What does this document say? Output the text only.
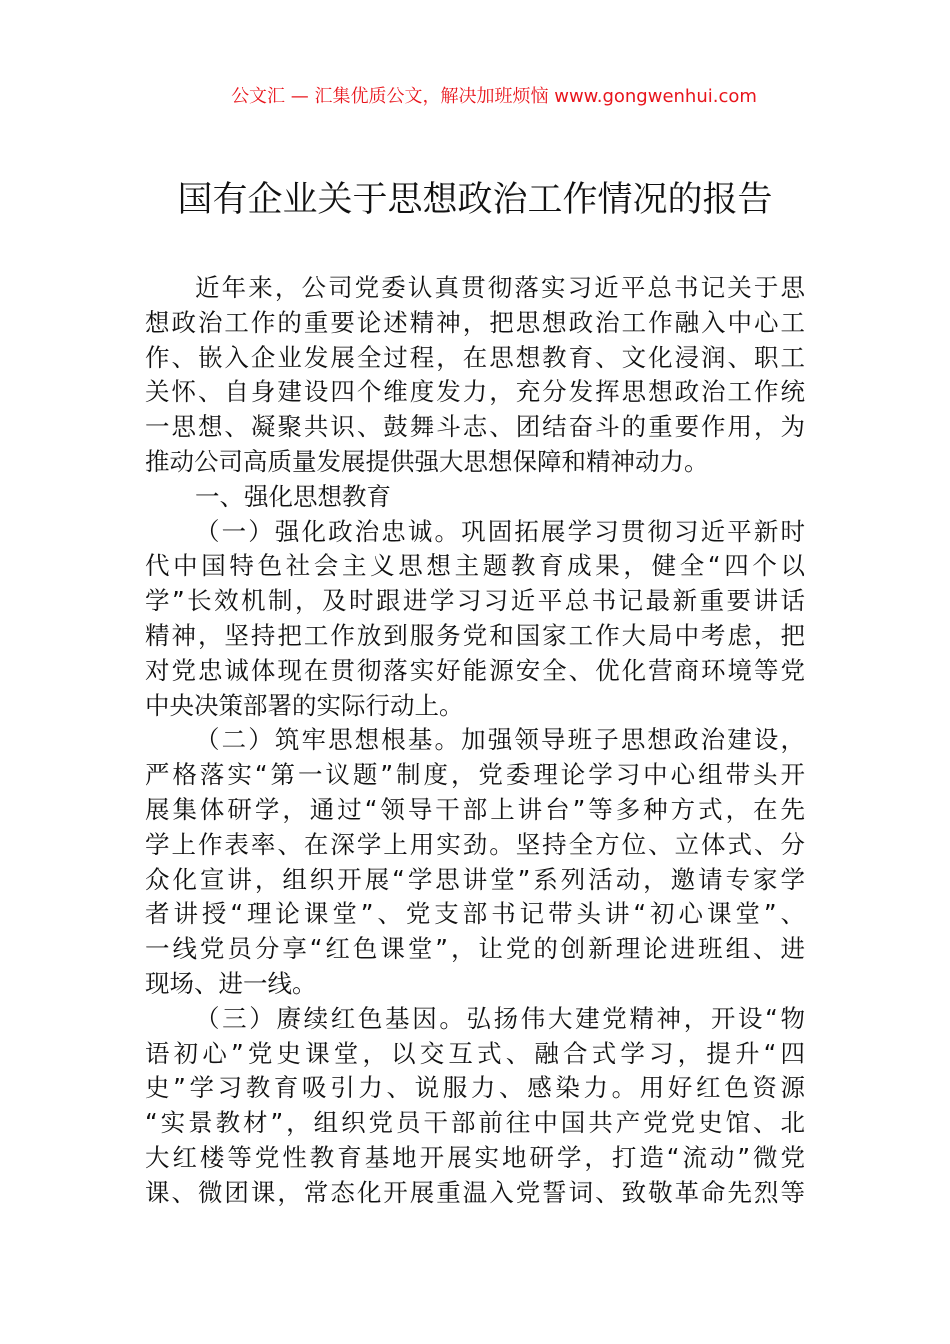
公文汇 — 汇集优质公文，解决加班烦恼 www.gongwenhui.com
国有企业关于思想政治工作情况的报告
近年来，公司党委认真贯彻落实习近平总书记关于思
想政治工作的重要论述精神，把思想政治工作融入中心工
作、嵌入企业发展全过程，在思想教育、文化浸润、职工
关怀、自身建设四个维度发力，充分发挥思想政治工作统
一思想、凝聚共识、鼓舞斗志、团结奋斗的重要作用，为
推动公司高质量发展提供强大思想保障和精神动力。
一、强化思想教育
（一）强化政治忠诚。巩固拓展学习贯彻习近平新时
代中国特色社会主义思想主题教育成果，健全“四个以
学”长效机制，及时跟进学习习近平总书记最新重要讲话
精神，坚持把工作放到服务党和国家工作大局中考虑，把
对党忠诚体现在贯彻落实好能源安全、优化营商环境等党
中央决策部署的实际行动上。
（二）筑牢思想根基。加强领导班子思想政治建设，
严格落实“第一议题”制度，党委理论学习中心组带头开
展集体研学，通过“领导干部上讲台”等多种方式，在先
学上作表率、在深学上用实劲。坚持全方位、立体式、分
众化宣讲，组织开展“学思讲堂”系列活动，邀请专家学
者讲授“理论课堂”、党支部书记带头讲“初心课堂”、
一线党员分享“红色课堂”，让党的创新理论进班组、进
现场、进一线。
（三）赓续红色基因。弘扬伟大建党精神，开设“物
语初心”党史课堂，以交互式、融合式学习，提升“四
史”学习教育吸引力、说服力、感染力。用好红色资源
“实景教材”，组织党员干部前往中国共产党党史馆、北
大红楼等党性教育基地开展实地研学，打造“流动”微党
课、微团课，常态化开展重温入党誓词、致敬革命先烈等
